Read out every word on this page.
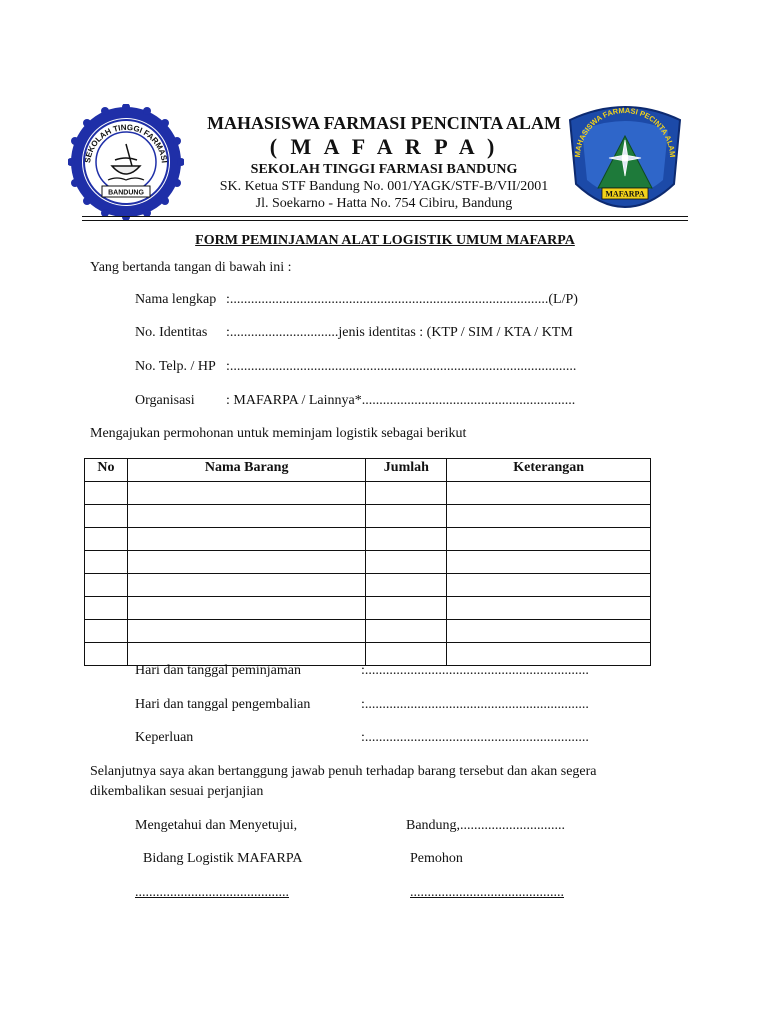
SEKOLAH TINGGI FARMASI
BANDUNG
MAHASISWA FARMASI PENCINTA ALAM
( M A F A R P A )
SEKOLAH TINGGI FARMASI BANDUNG
SK. Ketua STF Bandung No. 001/YAGK/STF-B/VII/2001
Jl. Soekarno - Hatta No. 754 Cibiru, Bandung
MAHASISWA FARMASI PECINTA ALAM
MAFARPA
FORM PEMINJAMAN ALAT LOGISTIK UMUM MAFARPA
Yang bertanda tangan di bawah ini :
Nama lengkap :...........................................................................................(L/P)
No. Identitas :...............................jenis identitas : (KTP / SIM / KTA / KTM
No. Telp. / HP :...................................................................................................
Organisasi : MAFARPA / Lainnya*.............................................................
Mengajukan permohonan untuk meminjam logistik sebagai berikut
No	Nama Barang	Jumlah	Keterangan

Hari dan tanggal peminjaman	:................................................................
Hari dan tanggal pengembalian	:................................................................
Keperluan	:................................................................
Selanjutnya saya akan bertanggung jawab penuh terhadap barang tersebut dan akan segera
dikembalikan sesuai perjanjian
Mengetahui dan Menyetujui,	Bandung,..............................
Bidang Logistik MAFARPA	Pemohon
............................................	............................................
